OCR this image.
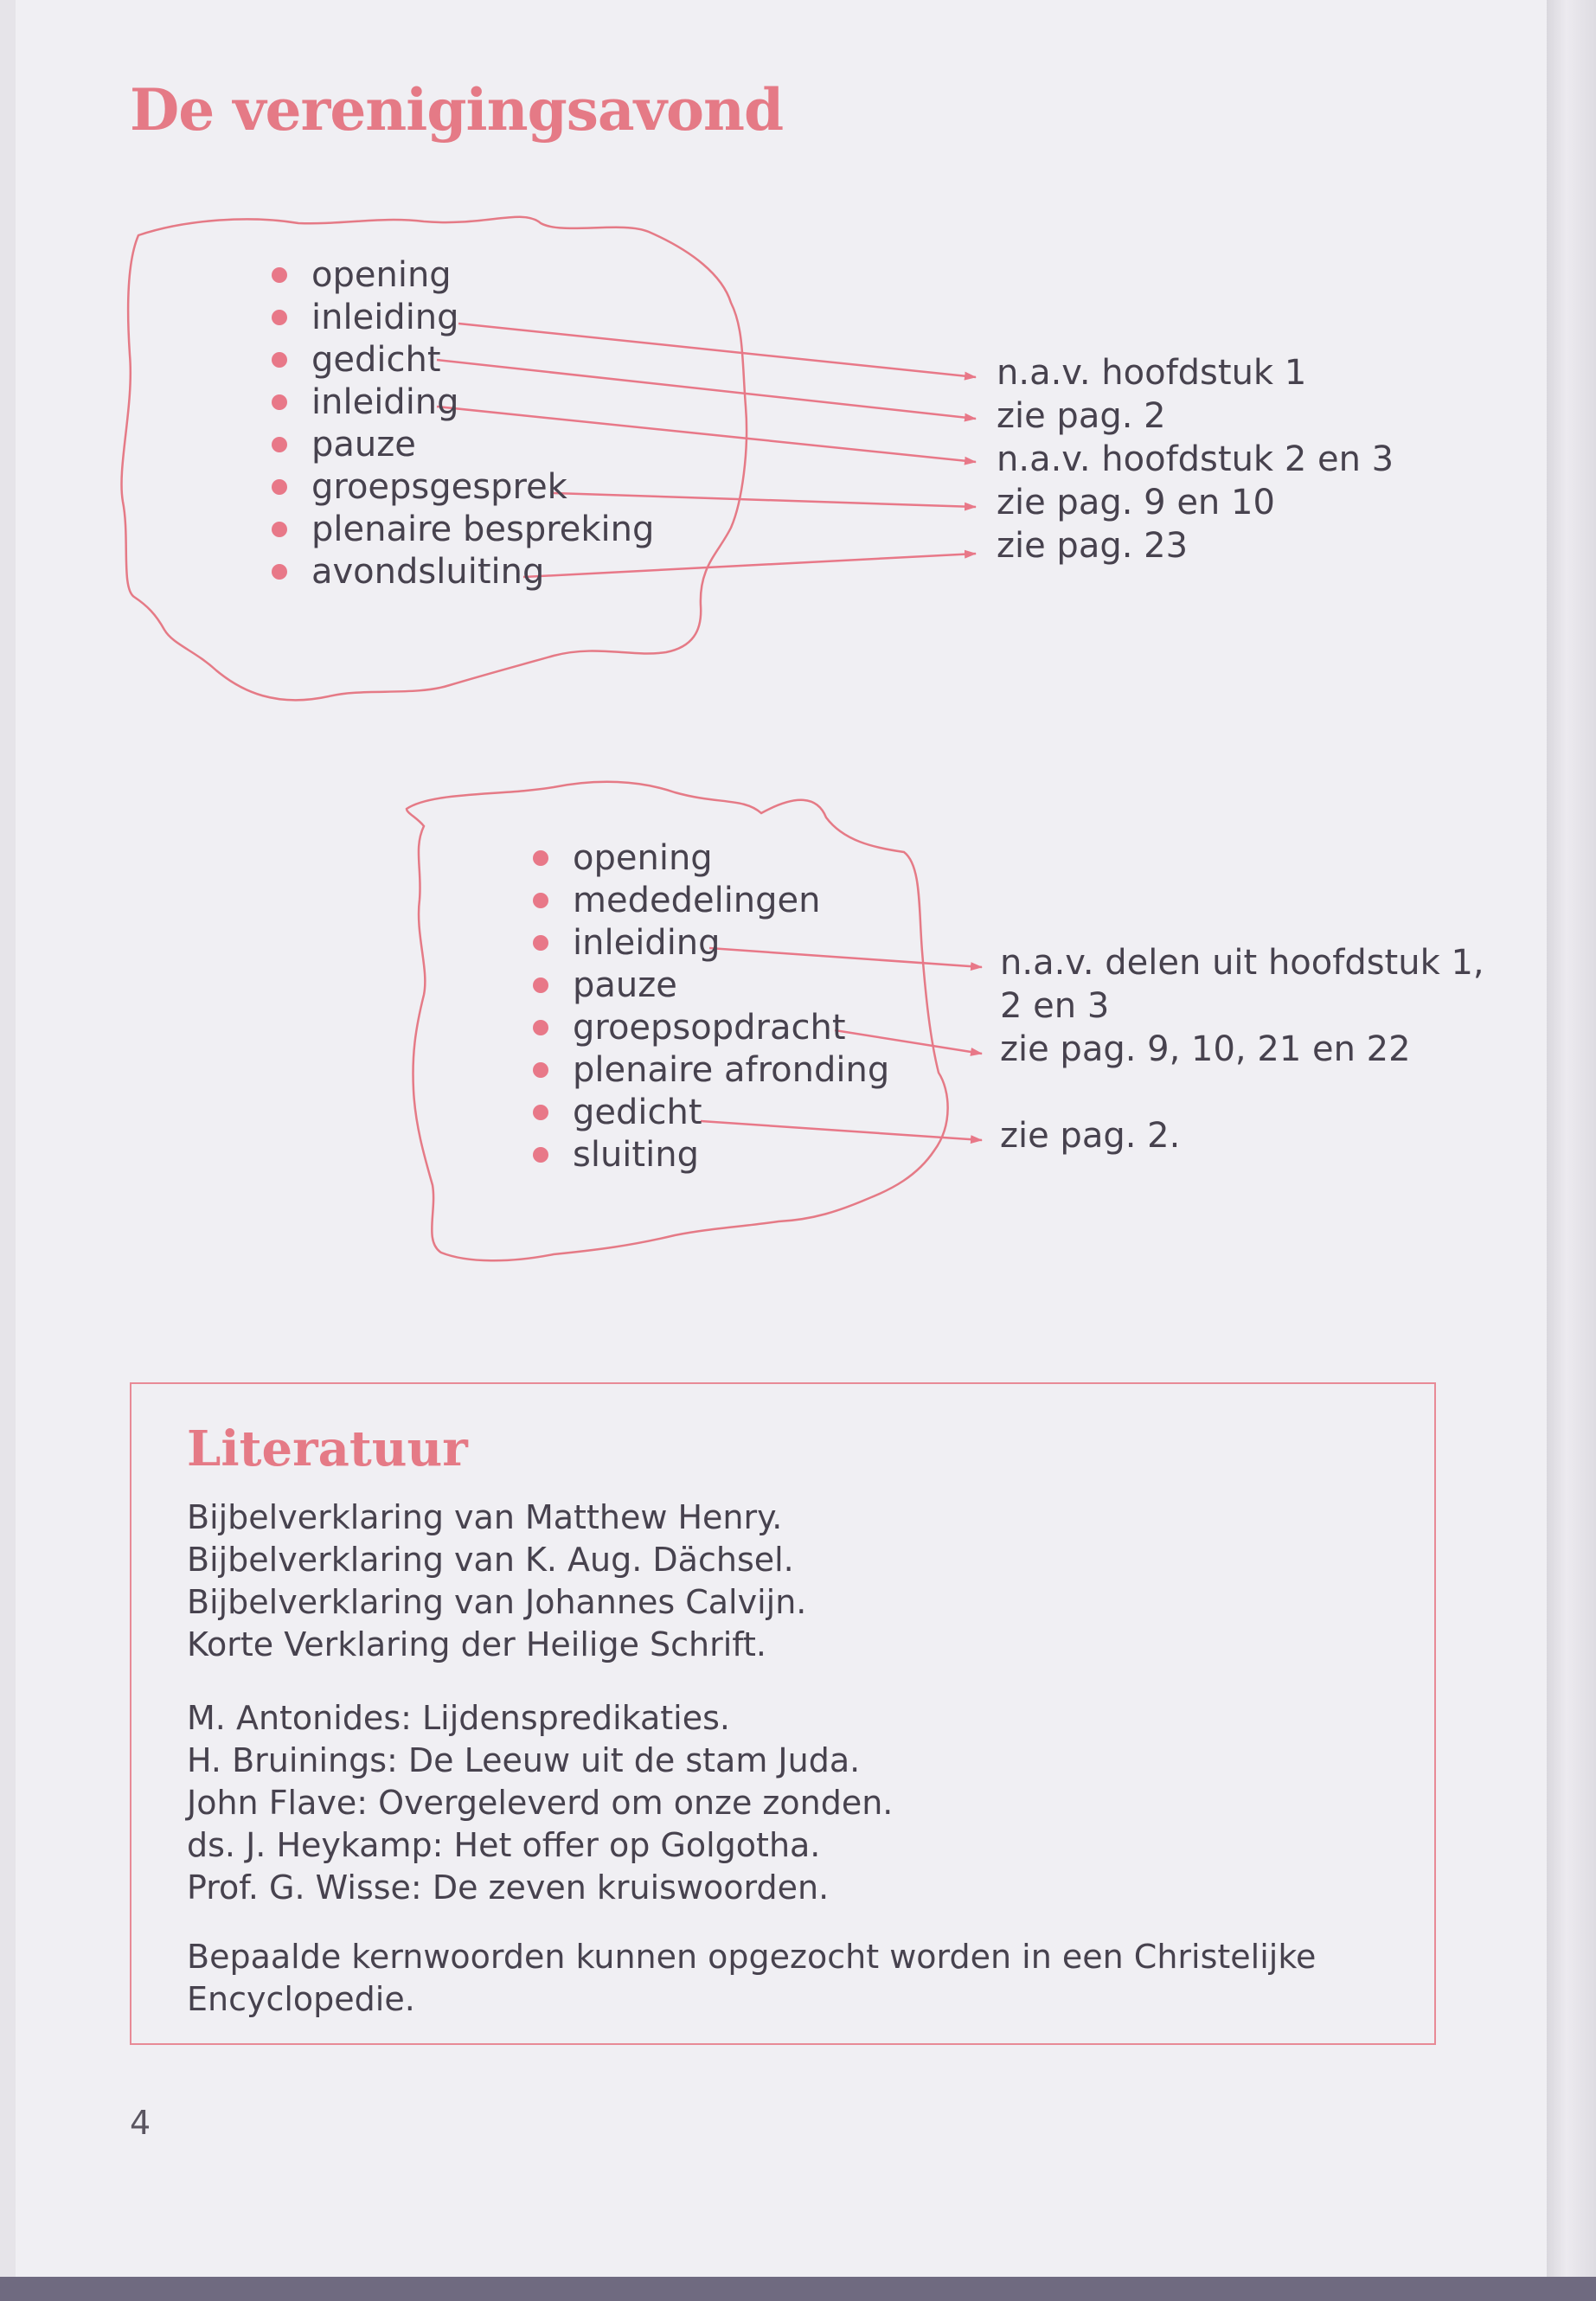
De verenigingsavond
opening
inleiding
gedicht
inleiding
pauze
groepsgesprek
plenaire bespreking
avondsluiting
n.a.v. hoofdstuk 1
zie pag. 2
n.a.v. hoofdstuk 2 en 3
zie pag. 9 en 10
zie pag. 23
opening
mededelingen
inleiding
pauze
groepsopdracht
plenaire afronding
gedicht
sluiting
n.a.v. delen uit hoofdstuk 1,
2 en 3
zie pag. 9, 10, 21 en 22
zie pag. 2.
Literatuur
Bijbelverklaring van Matthew Henry.
Bijbelverklaring van K. Aug. Dächsel.
Bijbelverklaring van Johannes Calvijn.
Korte Verklaring der Heilige Schrift.
M. Antonides: Lijdenspredikaties.
H. Bruinings: De Leeuw uit de stam Juda.
John Flave: Overgeleverd om onze zonden.
ds. J. Heykamp: Het offer op Golgotha.
Prof. G. Wisse: De zeven kruiswoorden.

Bepaalde kernwoorden kunnen opgezocht worden in een Christelijke Encyclopedie.

4
